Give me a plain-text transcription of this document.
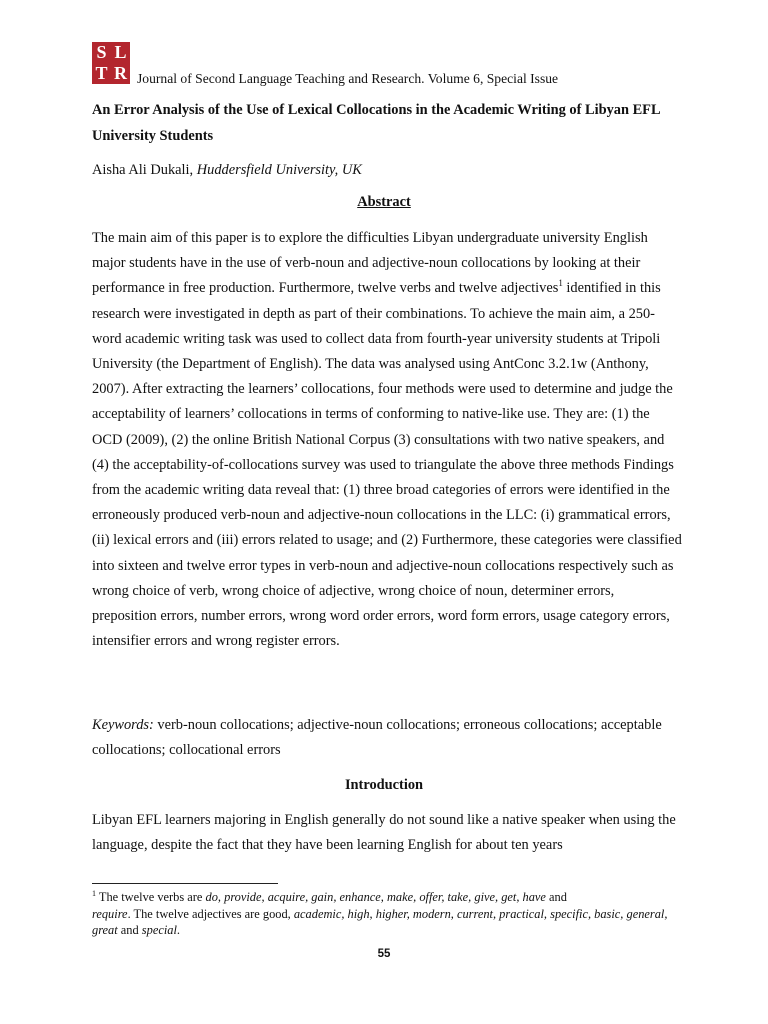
S L
T R Journal of Second Language Teaching and Research. Volume 6, Special Issue
An Error Analysis of the Use of Lexical Collocations in the Academic Writing of Libyan EFL University Students
Aisha Ali Dukali, Huddersfield University, UK
Abstract
The main aim of this paper is to explore the difficulties Libyan undergraduate university English major students have in the use of verb-noun and adjective-noun collocations by looking at their performance in free production. Furthermore, twelve verbs and twelve adjectives$^1$ identified in this research were investigated in depth as part of their combinations. To achieve the main aim, a 250-word academic writing task was used to collect data from fourth-year university students at Tripoli University (the Department of English). The data was analysed using AntConc 3.2.1w (Anthony, 2007). After extracting the learners’ collocations, four methods were used to determine and judge the acceptability of learners’ collocations in terms of conforming to native-like use. They are: (1) the OCD (2009), (2) the online British National Corpus (3) consultations with two native speakers, and (4) the acceptability-of-collocations survey was used to triangulate the above three methods Findings from the academic writing data reveal that: (1) three broad categories of errors were identified in the erroneously produced verb-noun and adjective-noun collocations in the LLC: (i) grammatical errors, (ii) lexical errors and (iii) errors related to usage; and (2) Furthermore, these categories were classified into sixteen and twelve error types in verb-noun and adjective-noun collocations respectively such as wrong choice of verb, wrong choice of adjective, wrong choice of noun, determiner errors, preposition errors, number errors, wrong word order errors, word form errors, usage category errors, intensifier errors and wrong register errors.
Keywords: verb-noun collocations; adjective-noun collocations; erroneous collocations; acceptable collocations; collocational errors
Introduction
Libyan EFL learners majoring in English generally do not sound like a native speaker when using the language, despite the fact that they have been learning English for about ten years
$^1$ The twelve verbs are do, provide, acquire, gain, enhance, make, offer, take, give, get, have and
require. The twelve adjectives are good, academic, high, higher, modern, current, practical, specific, basic, general, great and special.
55
